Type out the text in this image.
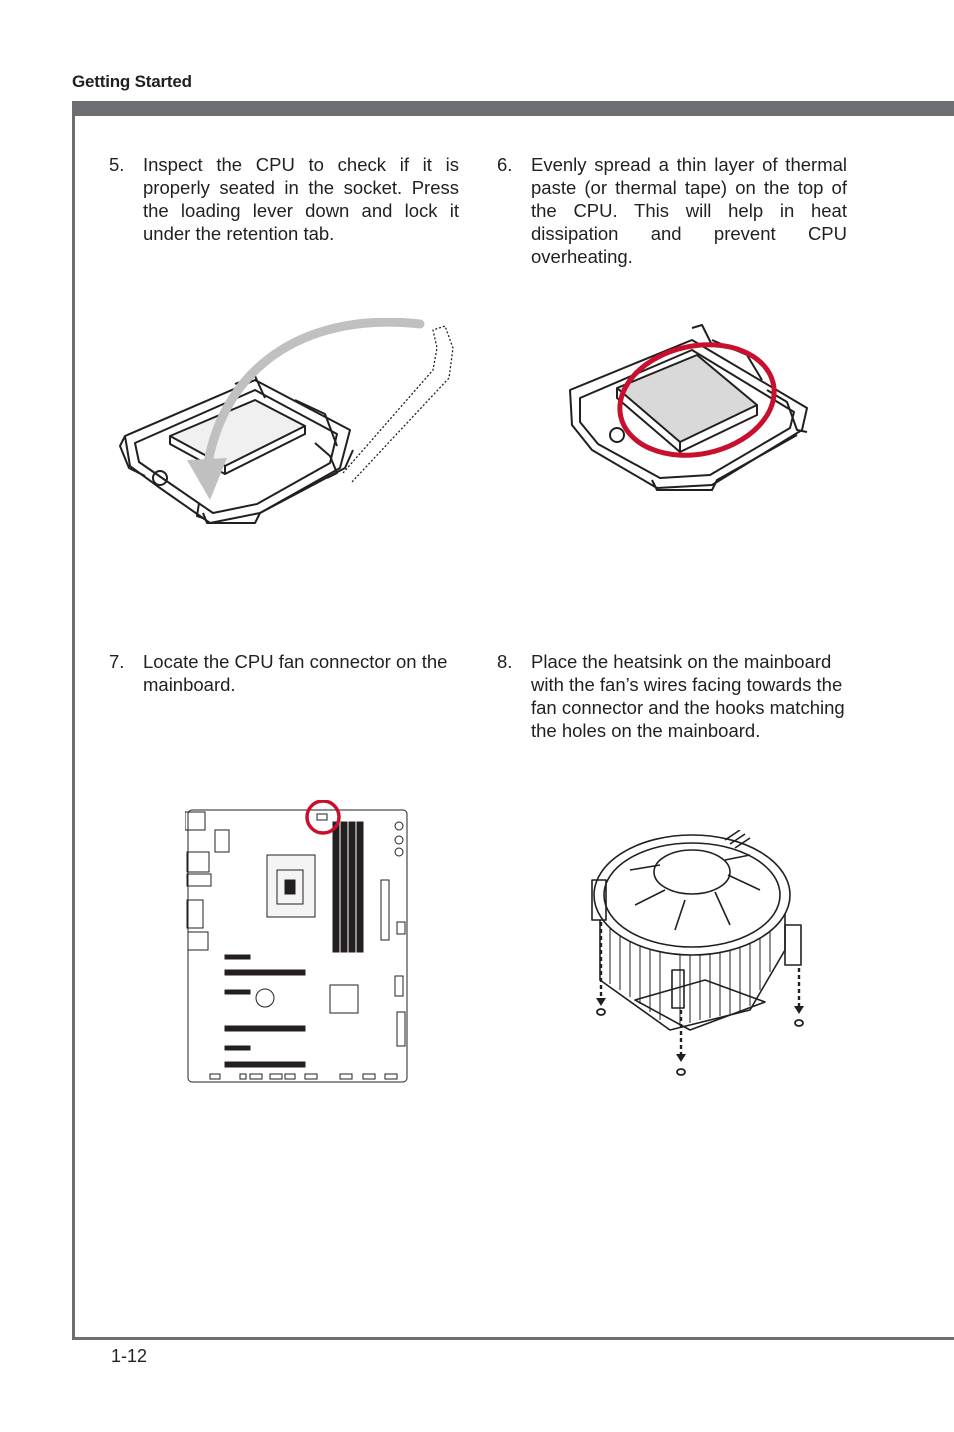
Getting Started
5. Inspect the CPU to check if it is properly seated in the socket. Press the loading lever down and lock it under the retention tab.
6. Evenly spread a thin layer of thermal paste (or thermal tape) on the top of the CPU. This will help in heat dissipation and prevent CPU overheating.
7. Locate the CPU fan connector on the mainboard.
8. Place the heatsink on the mainboard with the fan’s wires facing towards the fan connector and the hooks matching the holes on the mainboard.
1-12
